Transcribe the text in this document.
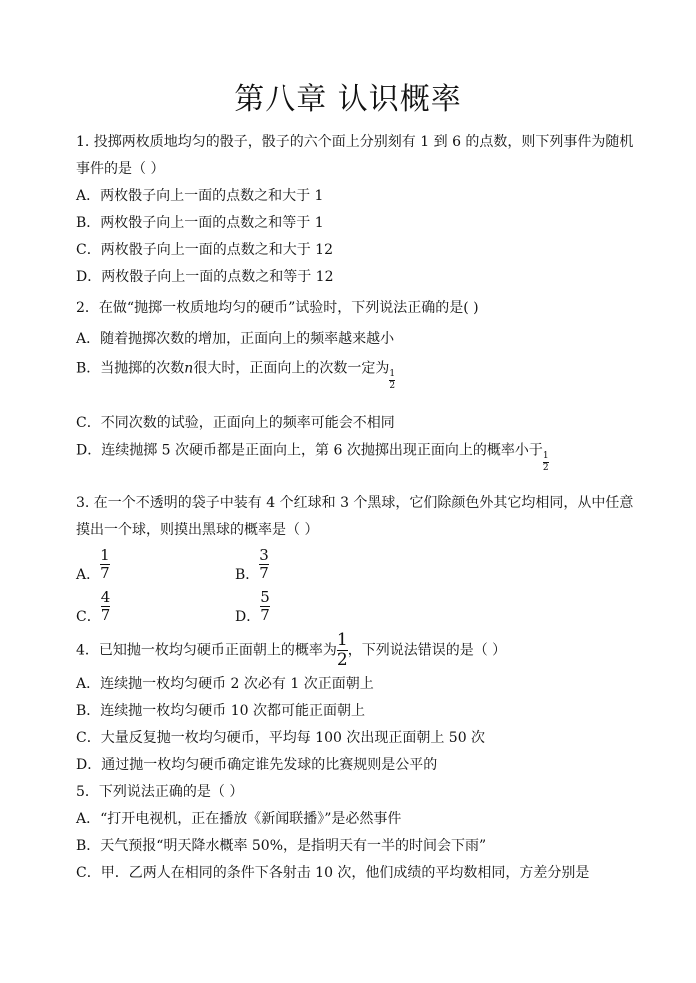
第八章 认识概率
1. 投掷两枚质地均匀的骰子，骰子的六个面上分别刻有 1 到 6 的点数，则下列事件为随机
事件的是（ ）
A．两枚骰子向上一面的点数之和大于 1
B．两枚骰子向上一面的点数之和等于 1
C．两枚骰子向上一面的点数之和大于 12
D．两枚骰子向上一面的点数之和等于 12
2．在做“抛掷一枚质地均匀的硬币”试验时，下列说法正确的是( )
A．随着抛掷次数的增加，正面向上的频率越来越小
B．当抛掷的次数n很大时，正面向上的次数一定为
$\frac{1}{2}$
C．不同次数的试验，正面向上的频率可能会不相同
D．连续抛掷 5 次硬币都是正面向上，第 6 次抛掷出现正面向上的概率小于
$\frac{1}{2}$
3. 在一个不透明的袋子中装有 4 个红球和 3 个黑球，它们除颜色外其它均相同，从中任意
摸出一个球，则摸出黑球的概率是（ ）
A． $\frac{1}{7}$	B． $\frac{3}{7}$
C． $\frac{4}{7}$	D． $\frac{5}{7}$
4．已知抛一枚均匀硬币正面朝上的概率为 $\frac{1}{2}$ ，下列说法错误的是（ ）
A．连续抛一枚均匀硬币 2 次必有 1 次正面朝上
B．连续抛一枚均匀硬币 10 次都可能正面朝上
C．大量反复抛一枚均匀硬币，平均每 100 次出现正面朝上 50 次
D．通过抛一枚均匀硬币确定谁先发球的比赛规则是公平的
5．下列说法正确的是（ ）
A．“打开电视机，正在播放《新闻联播》”是必然事件
B．天气预报“明天降水概率 50%，是指明天有一半的时间会下雨”
C．甲．乙两人在相同的条件下各射击 10 次，他们成绩的平均数相同，方差分别是
